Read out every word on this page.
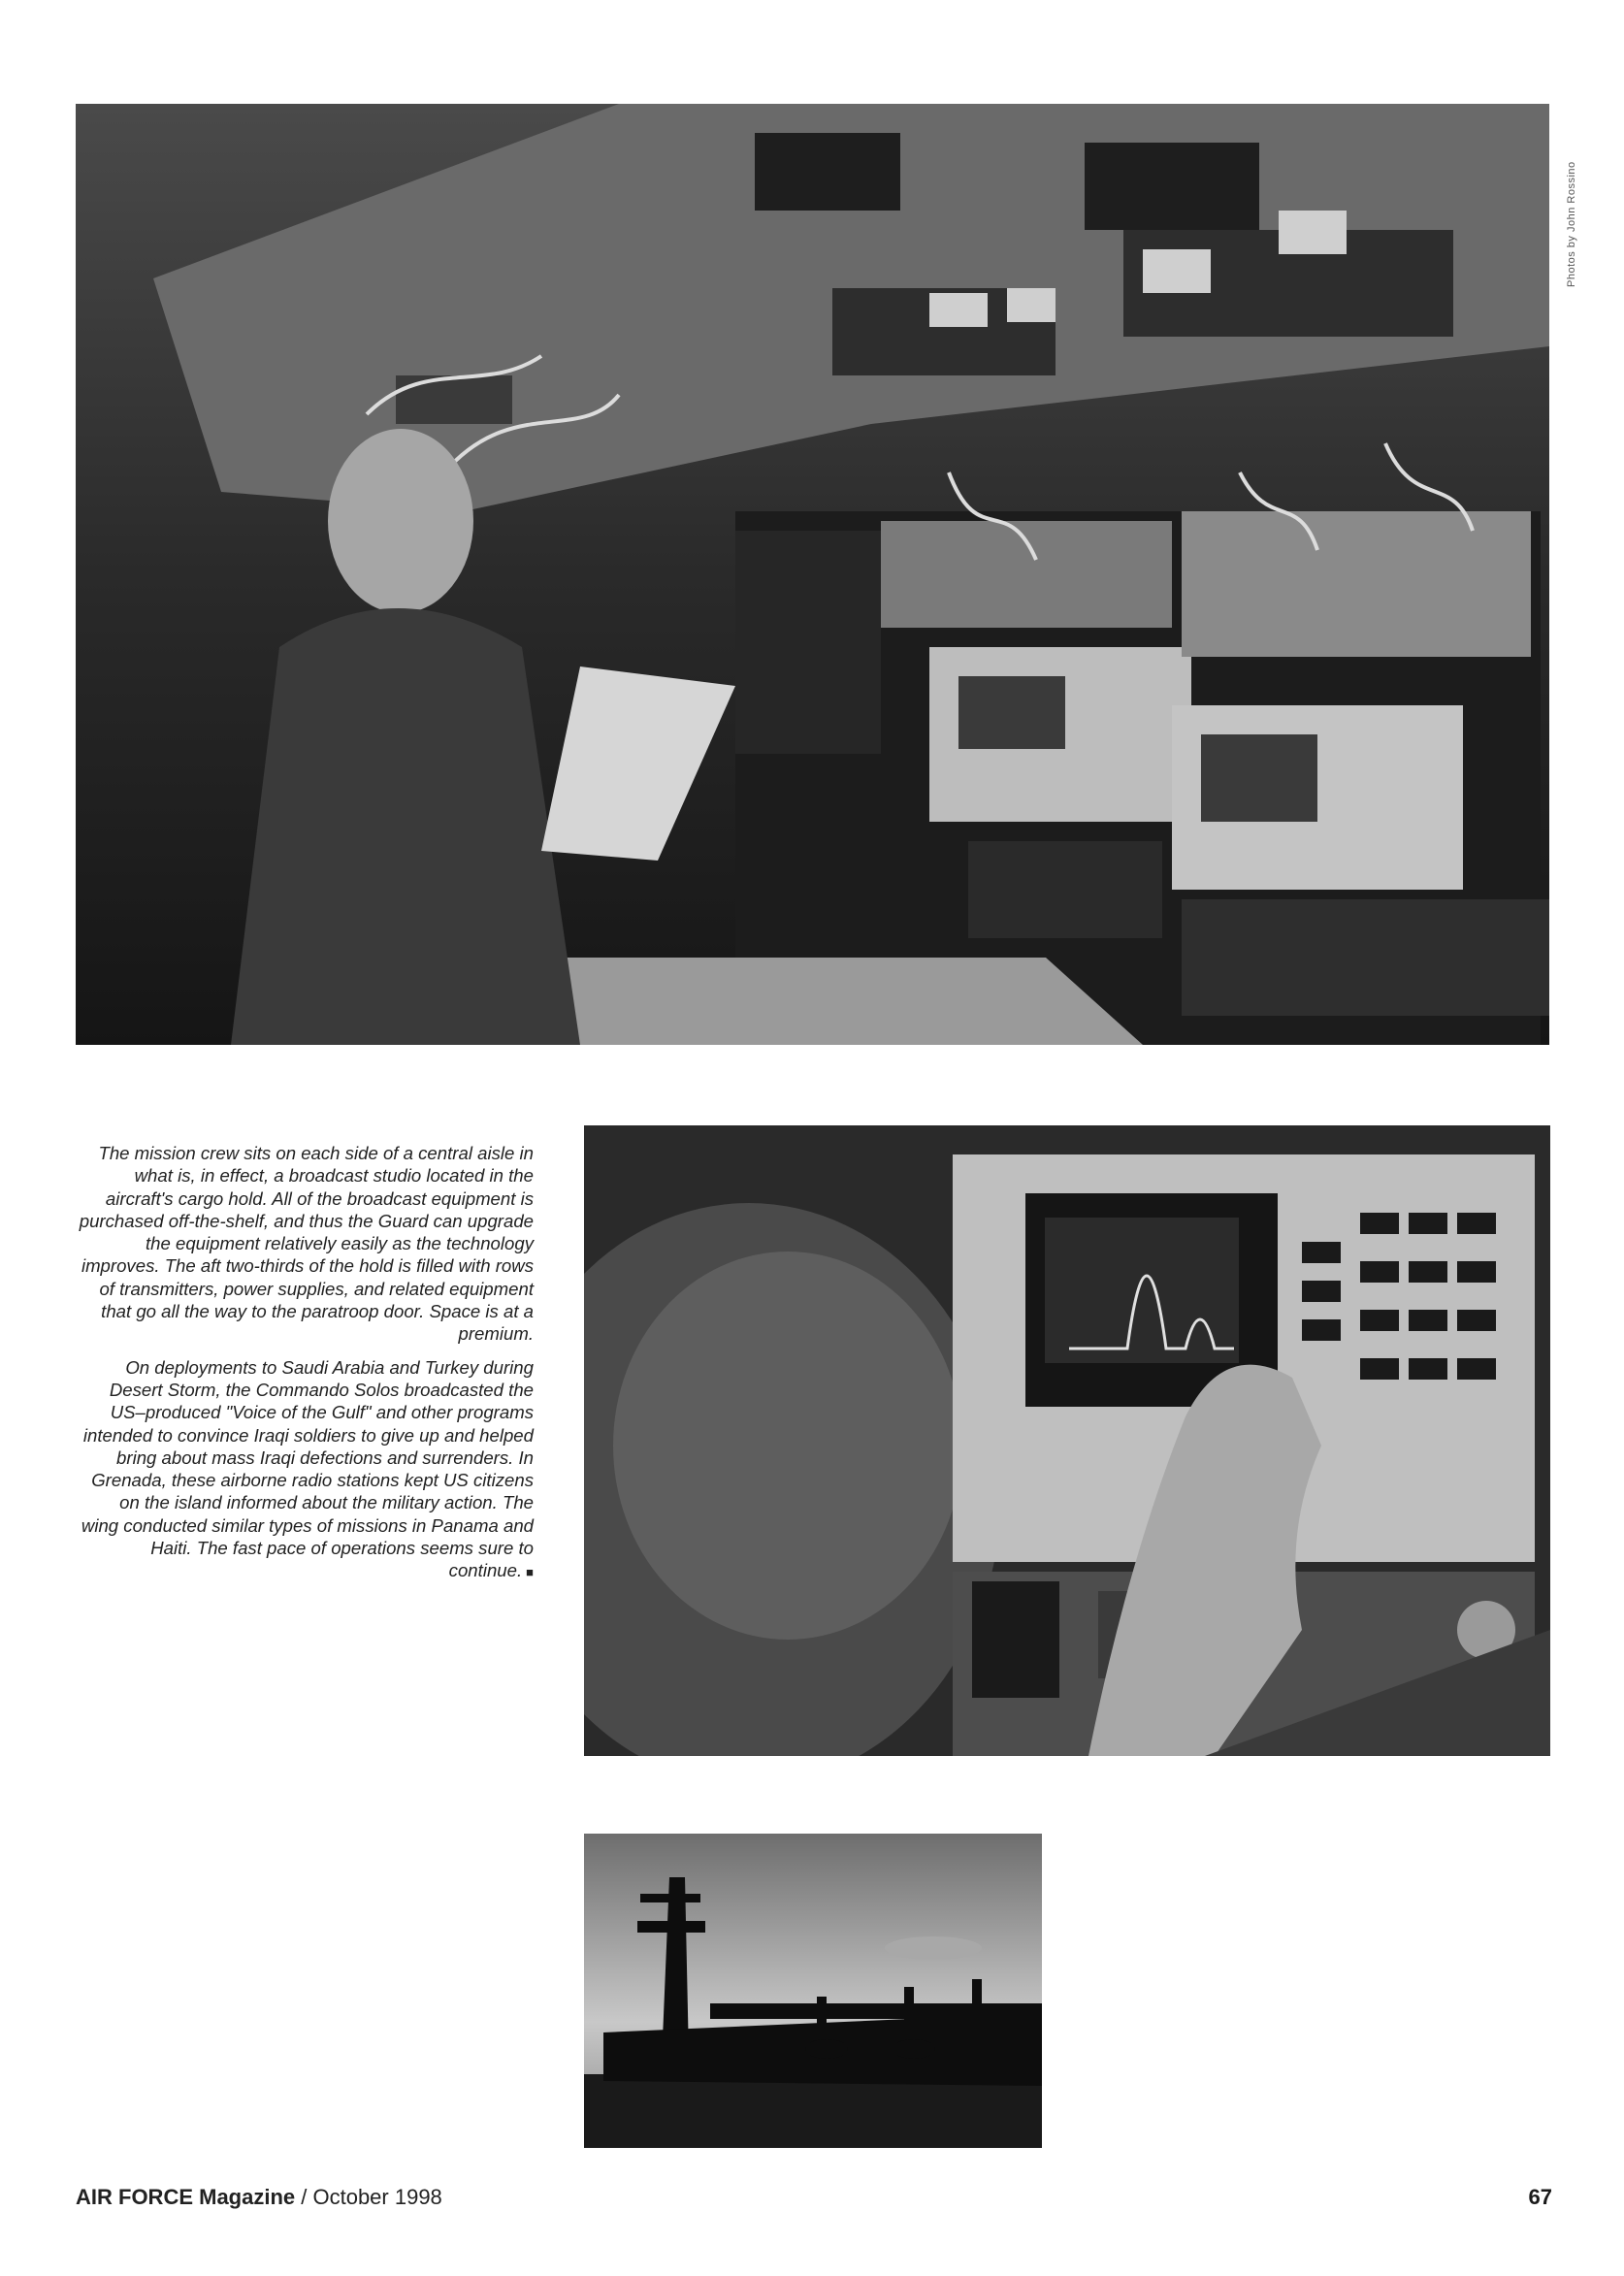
Photos by John Rossino

The mission crew sits on each side of a central aisle in what is, in effect, a broadcast studio located in the aircraft's cargo hold. All of the broadcast equipment is purchased off-the-shelf, and thus the Guard can upgrade the equipment relatively easily as the technology improves. The aft two-thirds of the hold is filled with rows of transmitters, power supplies, and related equipment that go all the way to the paratroop door. Space is at a premium.

On deployments to Saudi Arabia and Turkey during Desert Storm, the Commando Solos broadcasted the US–produced "Voice of the Gulf" and other programs intended to convince Iraqi soldiers to give up and helped bring about mass Iraqi defections and surrenders. In Grenada, these airborne radio stations kept US citizens on the island informed about the military action. The wing conducted similar types of missions in Panama and Haiti. The fast pace of operations seems sure to continue. ■

AIR FORCE Magazine / October 1998	67
